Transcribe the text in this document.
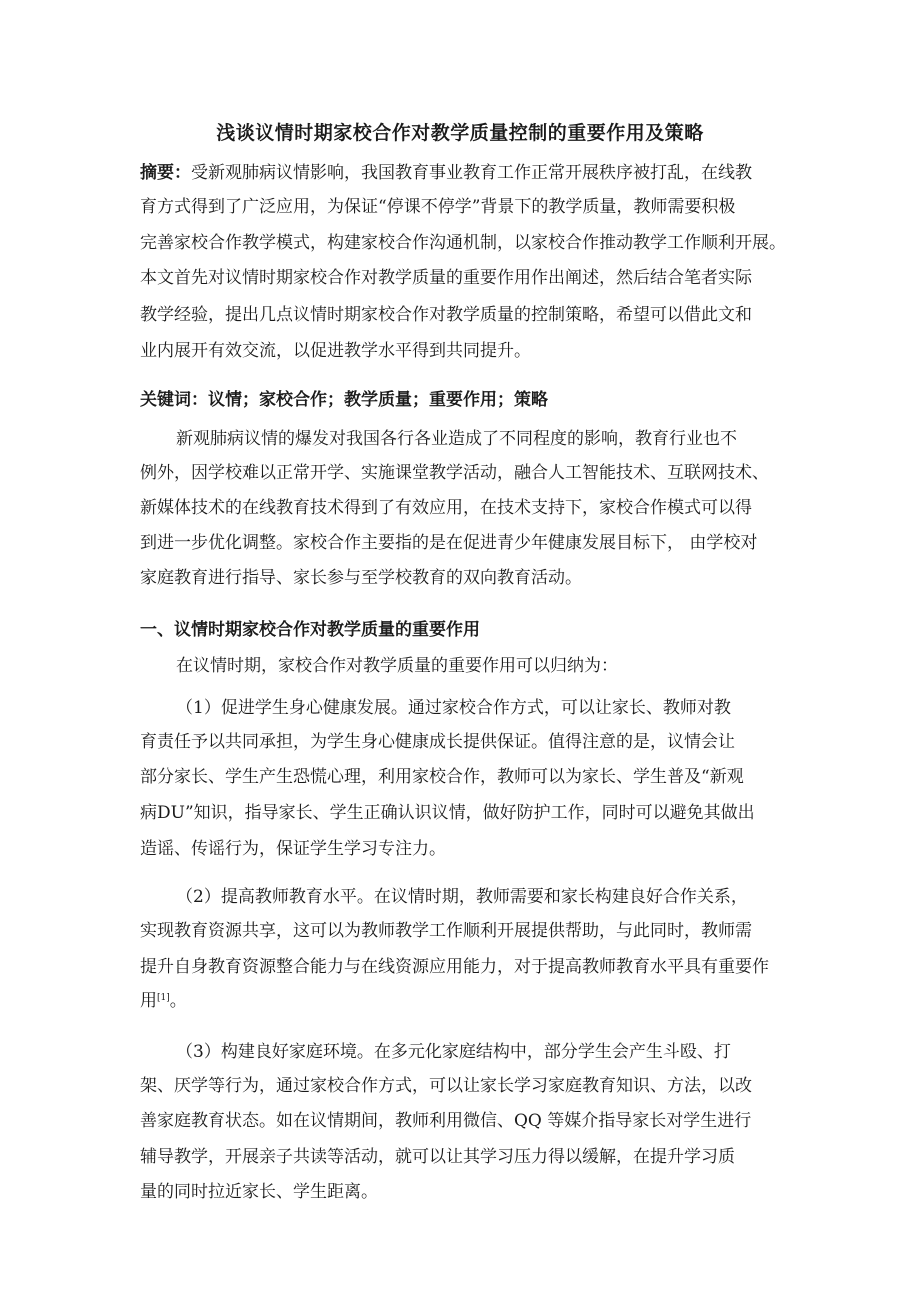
浅谈议情时期家校合作对教学质量控制的重要作用及策略
摘要：受新观肺病议情影响，我国教育事业教育工作正常开展秩序被打乱，在线教
育方式得到了广泛应用，为保证“停课不停学”背景下的教学质量，教师需要积极
完善家校合作教学模式，构建家校合作沟通机制，以家校合作推动教学工作顺利开展。
本文首先对议情时期家校合作对教学质量的重要作用作出阐述，然后结合笔者实际
教学经验，提出几点议情时期家校合作对教学质量的控制策略，希望可以借此文和
业内展开有效交流，以促进教学水平得到共同提升。
关键词：议情；家校合作；教学质量；重要作用；策略
新观肺病议情的爆发对我国各行各业造成了不同程度的影响，教育行业也不
例外，因学校难以正常开学、实施课堂教学活动，融合人工智能技术、互联网技术、
新媒体技术的在线教育技术得到了有效应用，在技术支持下，家校合作模式可以得
到进一步优化调整。家校合作主要指的是在促进青少年健康发展目标下， 由学校对
家庭教育进行指导、家长参与至学校教育的双向教育活动。
一、议情时期家校合作对教学质量的重要作用
在议情时期，家校合作对教学质量的重要作用可以归纳为：
（1）促进学生身心健康发展。通过家校合作方式，可以让家长、教师对教
育责任予以共同承担，为学生身心健康成长提供保证。值得注意的是，议情会让
部分家长、学生产生恐慌心理，利用家校合作，教师可以为家长、学生普及“新观
病DU”知识，指导家长、学生正确认识议情，做好防护工作，同时可以避免其做出
造谣、传谣行为，保证学生学习专注力。
（2）提高教师教育水平。在议情时期，教师需要和家长构建良好合作关系，
实现教育资源共享，这可以为教师教学工作顺利开展提供帮助，与此同时，教师需
提升自身教育资源整合能力与在线资源应用能力，对于提高教师教育水平具有重要作
用[1]。
（3）构建良好家庭环境。在多元化家庭结构中，部分学生会产生斗殴、打
架、厌学等行为，通过家校合作方式，可以让家长学习家庭教育知识、方法，以改
善家庭教育状态。如在议情期间，教师利用微信、QQ 等媒介指导家长对学生进行
辅导教学，开展亲子共读等活动，就可以让其学习压力得以缓解，在提升学习质
量的同时拉近家长、学生距离。
